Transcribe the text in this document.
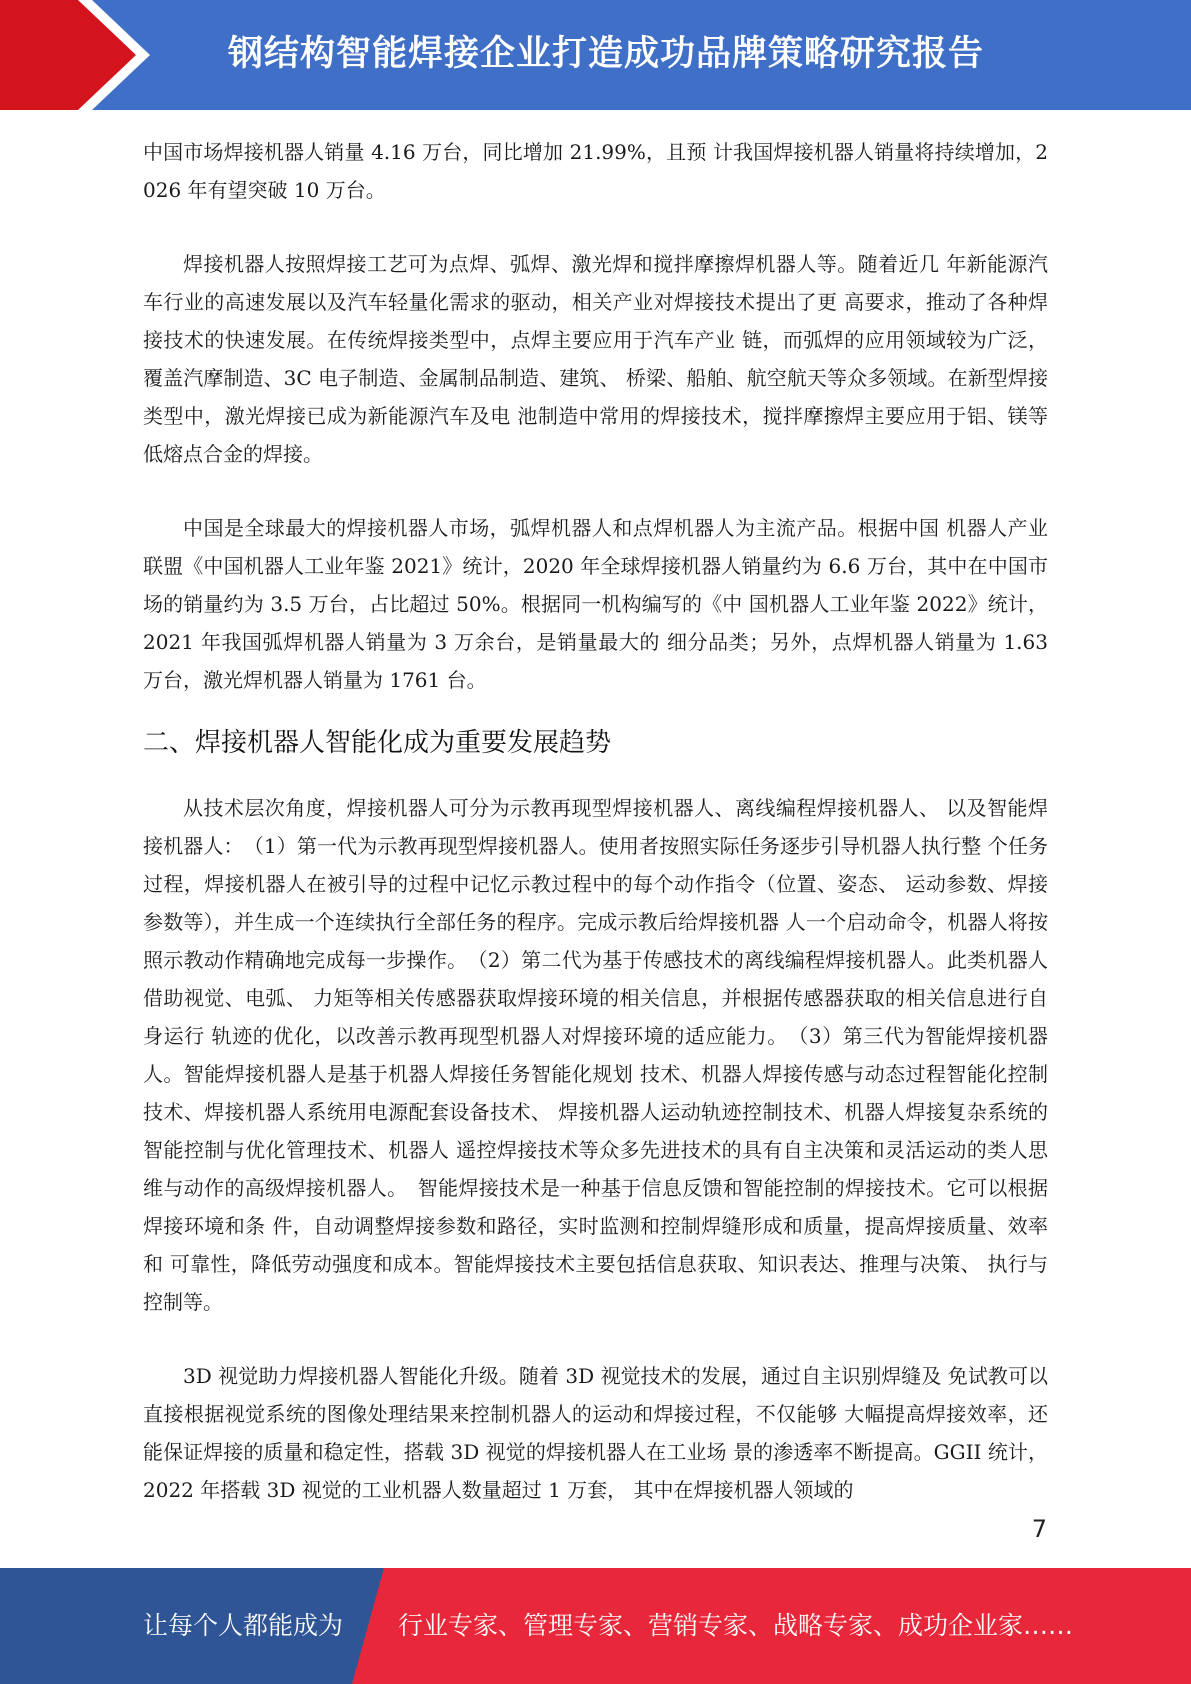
钢结构智能焊接企业打造成功品牌策略研究报告

中国市场焊接机器人销量 4.16 万台，同比增加 21.99%，且预 计我国焊接机器人销量将持续增加，2026 年有望突破 10 万台。

焊接机器人按照焊接工艺可为点焊、弧焊、激光焊和搅拌摩擦焊机器人等。随着近几 年新能源汽车行业的高速发展以及汽车轻量化需求的驱动，相关产业对焊接技术提出了更 高要求，推动了各种焊接技术的快速发展。在传统焊接类型中，点焊主要应用于汽车产业 链，而弧焊的应用领域较为广泛，覆盖汽摩制造、3C 电子制造、金属制品制造、建筑、 桥梁、船舶、航空航天等众多领域。在新型焊接类型中，激光焊接已成为新能源汽车及电 池制造中常用的焊接技术，搅拌摩擦焊主要应用于铝、镁等低熔点合金的焊接。

中国是全球最大的焊接机器人市场，弧焊机器人和点焊机器人为主流产品。根据中国 机器人产业联盟《中国机器人工业年鉴 2021》统计，2020 年全球焊接机器人销量约为 6.6 万台，其中在中国市场的销量约为 3.5 万台，占比超过 50%。根据同一机构编写的《中 国机器人工业年鉴 2022》统计，2021 年我国弧焊机器人销量为 3 万余台，是销量最大的 细分品类；另外，点焊机器人销量为 1.63 万台，激光焊机器人销量为 1761 台。

二、焊接机器人智能化成为重要发展趋势

从技术层次角度，焊接机器人可分为示教再现型焊接机器人、离线编程焊接机器人、 以及智能焊接机器人：　（1）第一代为示教再现型焊接机器人。使用者按照实际任务逐步引导机器人执行整 个任务过程，焊接机器人在被引导的过程中记忆示教过程中的每个动作指令（位置、姿态、 运动参数、焊接参数等），并生成一个连续执行全部任务的程序。完成示教后给焊接机器 人一个启动命令，机器人将按照示教动作精确地完成每一步操作。　（2）第二代为基于传感技术的离线编程焊接机器人。此类机器人借助视觉、电弧、 力矩等相关传感器获取焊接环境的相关信息，并根据传感器获取的相关信息进行自身运行 轨迹的优化，以改善示教再现型机器人对焊接环境的适应能力。　（3）第三代为智能焊接机器人。智能焊接机器人是基于机器人焊接任务智能化规划 技术、机器人焊接传感与动态过程智能化控制技术、焊接机器人系统用电源配套设备技术、 焊接机器人运动轨迹控制技术、机器人焊接复杂系统的智能控制与优化管理技术、机器人 遥控焊接技术等众多先进技术的具有自主决策和灵活运动的类人思维与动作的高级焊接机器人。　智能焊接技术是一种基于信息反馈和智能控制的焊接技术。它可以根据焊接环境和条 件，自动调整焊接参数和路径，实时监测和控制焊缝形成和质量，提高焊接质量、效率和 可靠性，降低劳动强度和成本。智能焊接技术主要包括信息获取、知识表达、推理与决策、 执行与控制等。

3D 视觉助力焊接机器人智能化升级。随着 3D 视觉技术的发展，通过自主识别焊缝及 免试教可以直接根据视觉系统的图像处理结果来控制机器人的运动和焊接过程，不仅能够 大幅提高焊接效率，还能保证焊接的质量和稳定性，搭载 3D 视觉的焊接机器人在工业场 景的渗透率不断提高。GGII 统计，2022 年搭载 3D 视觉的工业机器人数量超过 1 万套， 其中在焊接机器人领域的

7
让每个人都能成为 行业专家、管理专家、营销专家、战略专家、成功企业家……
